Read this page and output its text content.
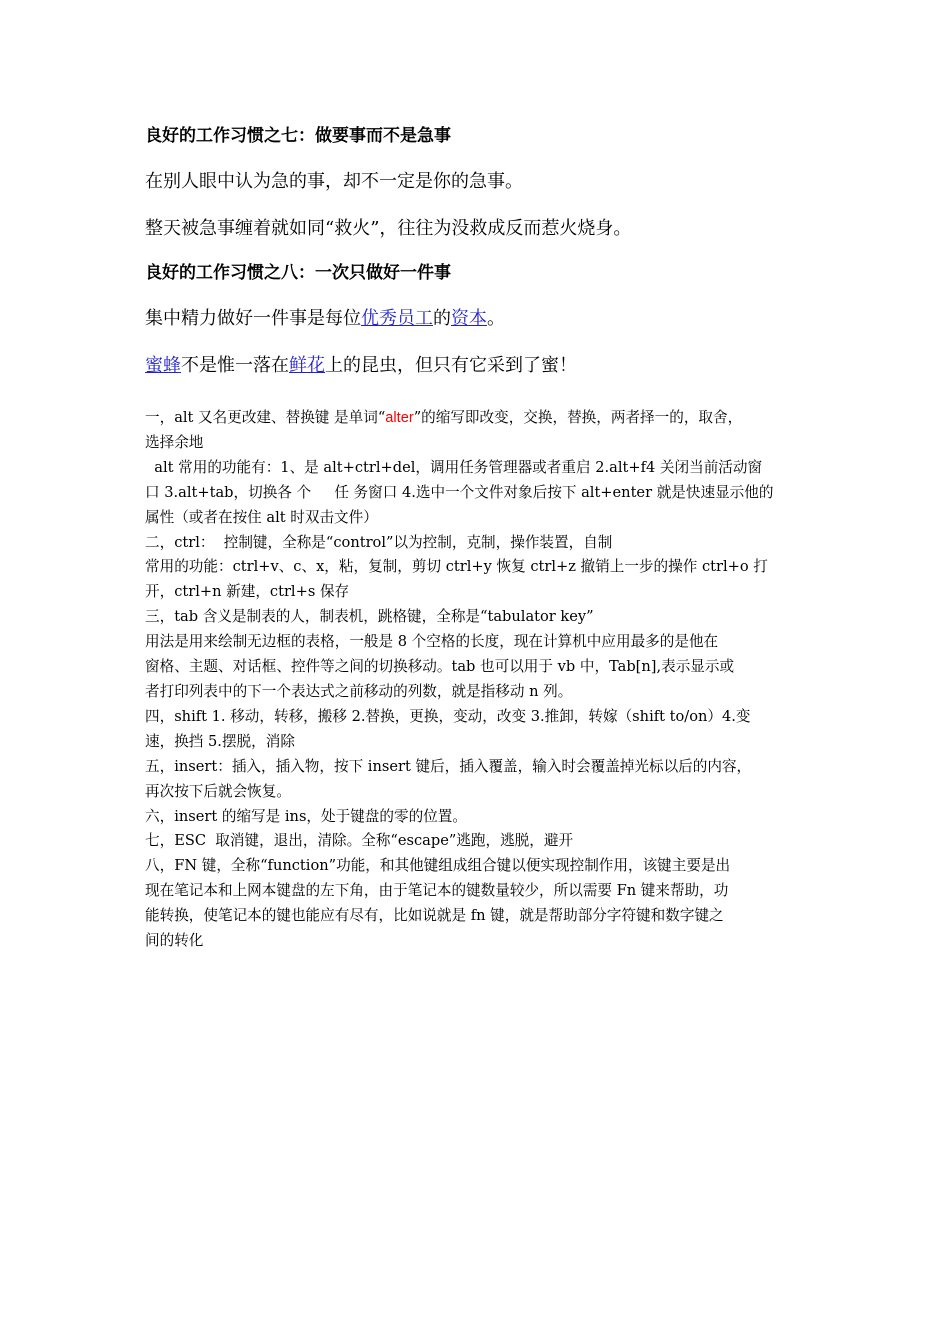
良好的工作习惯之七：做要事而不是急事

在别人眼中认为急的事，却不一定是你的急事。

整天被急事缠着就如同“救火”，往往为没救成反而惹火烧身。

良好的工作习惯之八：一次只做好一件事

集中精力做好一件事是每位优秀员工的资本。

蜜蜂不是惟一落在鲜花上的昆虫，但只有它采到了蜜！

一，alt 又名更改建、替换键 是单词“alter”的缩写即改变，交换，替换，两者择一的，取舍，
选择余地
alt 常用的功能有：1、是 alt+ctrl+del，调用任务管理器或者重启 2.alt+f4 关闭当前活动窗
口 3.alt+tab，切换各 个     任 务窗口 4.选中一个文件对象后按下 alt+enter 就是快速显示他的
属性（或者在按住 alt 时双击文件）
二，ctrl：  控制键，全称是“control”以为控制，克制，操作装置，自制
常用的功能：ctrl+v、c、x，粘，复制，剪切 ctrl+y 恢复 ctrl+z 撤销上一步的操作 ctrl+o 打
开，ctrl+n 新建，ctrl+s 保存
三，tab 含义是制表的人，制表机，跳格键，全称是“tabulator key”
用法是用来绘制无边框的表格，一般是 8 个空格的长度，现在计算机中应用最多的是他在
窗格、主题、对话框、控件等之间的切换移动。tab 也可以用于 vb 中，Tab[n],表示显示或
者打印列表中的下一个表达式之前移动的列数，就是指移动 n 列。
四，shift 1. 移动，转移，搬移 2.替换，更换，变动，改变 3.推卸，转嫁（shift to/on）4.变
速，换挡 5.摆脱，消除
五，insert：插入，插入物，按下 insert 键后，插入覆盖，输入时会覆盖掉光标以后的内容，
再次按下后就会恢复。
六，insert 的缩写是 ins，处于键盘的零的位置。
七，ESC  取消键，退出，清除。全称“escape”逃跑，逃脱，避开
八，FN 键，全称“function”功能，和其他键组成组合键以便实现控制作用，该键主要是出
现在笔记本和上网本键盘的左下角，由于笔记本的键数量较少，所以需要 Fn 键来帮助，功
能转换，使笔记本的键也能应有尽有，比如说就是 fn 键，就是帮助部分字符键和数字键之
间的转化
